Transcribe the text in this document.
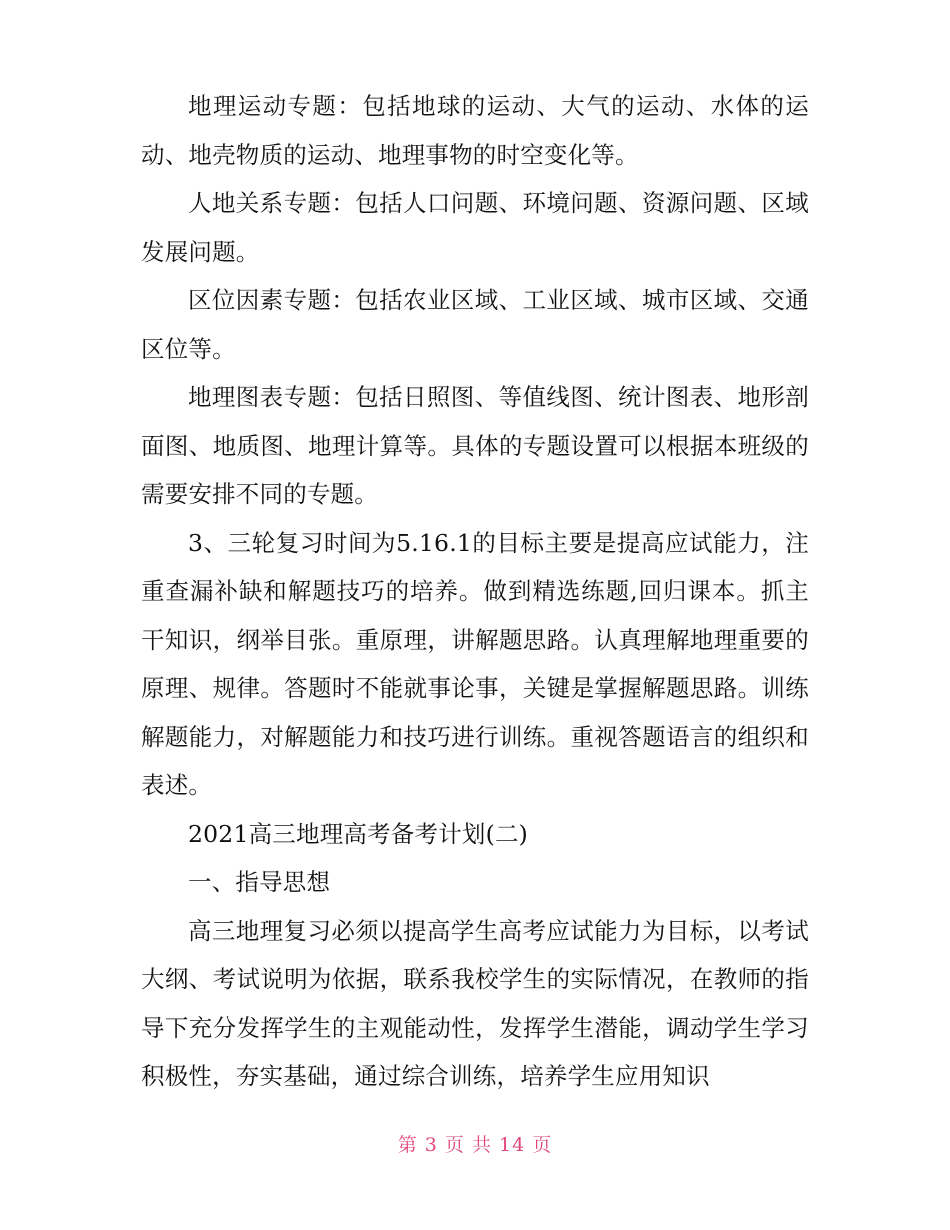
地理运动专题：包括地球的运动、大气的运动、水体的运动、地壳物质的运动、地理事物的时空变化等。

人地关系专题：包括人口问题、环境问题、资源问题、区域发展问题。

区位因素专题：包括农业区域、工业区域、城市区域、交通区位等。

地理图表专题：包括日照图、等值线图、统计图表、地形剖面图、地质图、地理计算等。具体的专题设置可以根据本班级的需要安排不同的专题。

3、三轮复习时间为5.16.1的目标主要是提高应试能力，注重查漏补缺和解题技巧的培养。做到精选练题,回归课本。抓主干知识，纲举目张。重原理，讲解题思路。认真理解地理重要的原理、规律。答题时不能就事论事，关键是掌握解题思路。训练解题能力，对解题能力和技巧进行训练。重视答题语言的组织和表述。

2021高三地理高考备考计划(二)

一、指导思想

高三地理复习必须以提高学生高考应试能力为目标，以考试大纲、考试说明为依据，联系我校学生的实际情况，在教师的指导下充分发挥学生的主观能动性，发挥学生潜能，调动学生学习积极性，夯实基础，通过综合训练，培养学生应用知识

第 3 页 共 14 页
